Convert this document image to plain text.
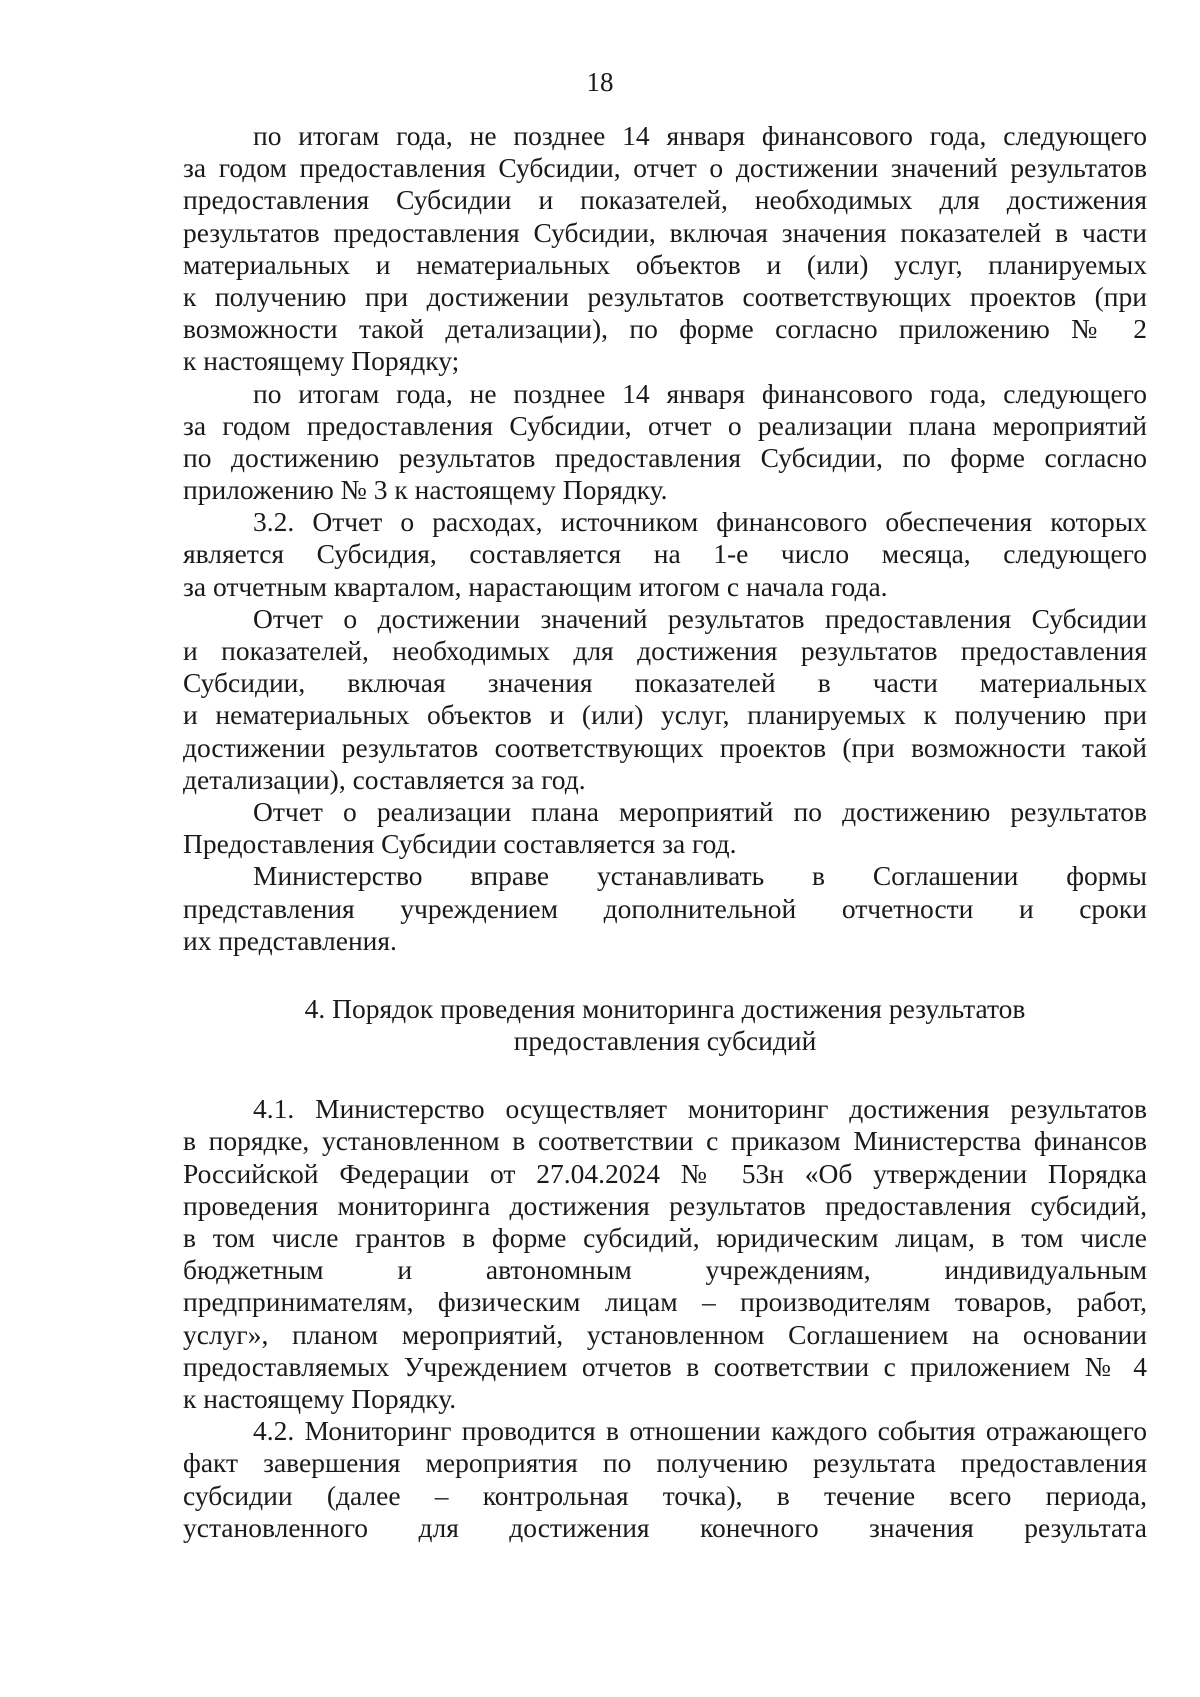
18
по итогам года, не позднее 14 января финансового года, следующего
за годом предоставления Субсидии, отчет о достижении значений результатов
предоставления Субсидии и показателей, необходимых для достижения
результатов предоставления Субсидии, включая значения показателей в части
материальных и нематериальных объектов и (или) услуг, планируемых
к получению при достижении результатов соответствующих проектов (при
возможности такой детализации), по форме согласно приложению № 2
к настоящему Порядку;
по итогам года, не позднее 14 января финансового года, следующего
за годом предоставления Субсидии, отчет о реализации плана мероприятий
по достижению результатов предоставления Субсидии, по форме согласно
приложению № 3 к настоящему Порядку.
3.2. Отчет о расходах, источником финансового обеспечения которых
является Субсидия, составляется на 1-е число месяца, следующего
за отчетным кварталом, нарастающим итогом с начала года.
Отчет о достижении значений результатов предоставления Субсидии
и показателей, необходимых для достижения результатов предоставления
Субсидии, включая значения показателей в части материальных
и нематериальных объектов и (или) услуг, планируемых к получению при
достижении результатов соответствующих проектов (при возможности такой
детализации), составляется за год.
Отчет о реализации плана мероприятий по достижению результатов
Предоставления Субсидии составляется за год.
Министерство вправе устанавливать в Соглашении формы
представления учреждением дополнительной отчетности и сроки
их представления.
4. Порядок проведения мониторинга достижения результатов
предоставления субсидий
4.1. Министерство осуществляет мониторинг достижения результатов
в порядке, установленном в соответствии с приказом Министерства финансов
Российской Федерации от 27.04.2024 № 53н «Об утверждении Порядка
проведения мониторинга достижения результатов предоставления субсидий,
в том числе грантов в форме субсидий, юридическим лицам, в том числе
бюджетным и автономным учреждениям, индивидуальным
предпринимателям, физическим лицам – производителям товаров, работ,
услуг», планом мероприятий, установленном Соглашением на основании
предоставляемых Учреждением отчетов в соответствии с приложением № 4
к настоящему Порядку.
4.2. Мониторинг проводится в отношении каждого события отражающего
факт завершения мероприятия по получению результата предоставления
субсидии (далее – контрольная точка), в течение всего периода,
установленного для достижения конечного значения результата
